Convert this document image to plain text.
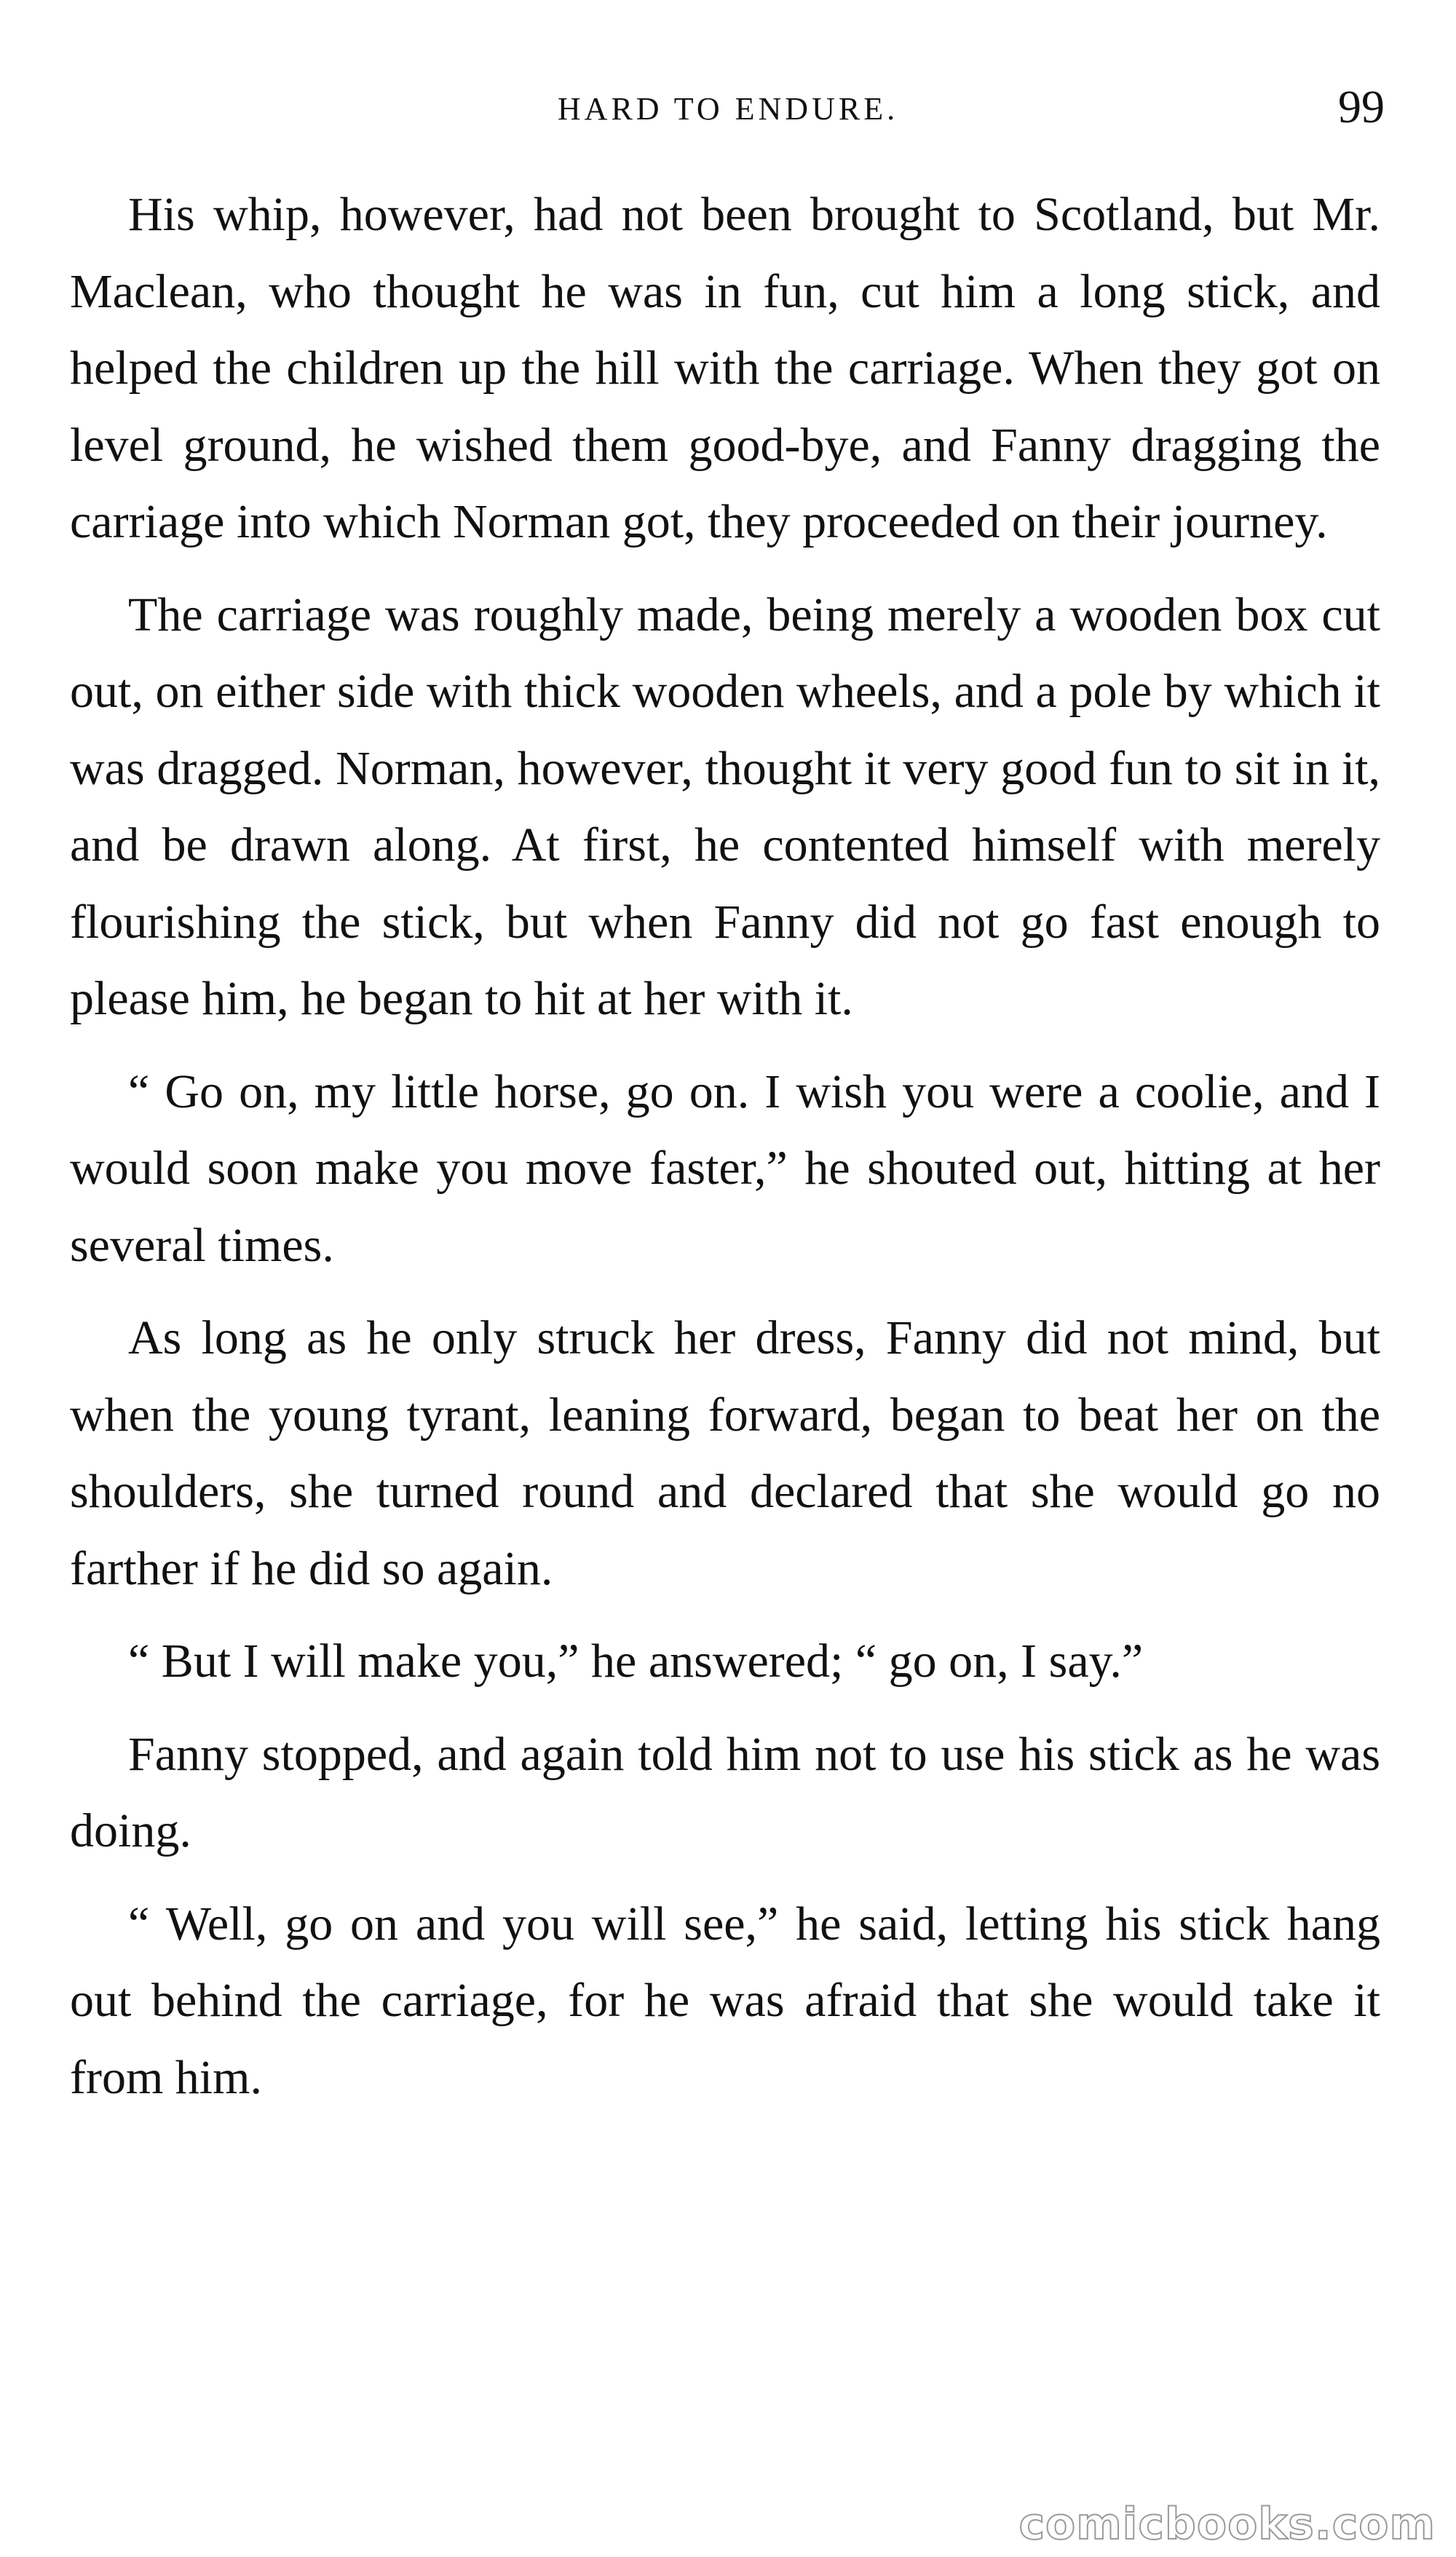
HARD TO ENDURE.	99

His whip, however, had not been brought to Scotland, but Mr. Maclean, who thought he was in fun, cut him a long stick, and helped the children up the hill with the carriage. When they got on level ground, he wished them good-bye, and Fanny dragging the carriage into which Norman got, they proceeded on their journey.

The carriage was roughly made, being merely a wooden box cut out, on either side with thick wooden wheels, and a pole by which it was dragged. Norman, however, thought it very good fun to sit in it, and be drawn along. At first, he contented himself with merely flourishing the stick, but when Fanny did not go fast enough to please him, he began to hit at her with it.

“ Go on, my little horse, go on. I wish you were a coolie, and I would soon make you move faster,” he shouted out, hitting at her several times.

As long as he only struck her dress, Fanny did not mind, but when the young tyrant, leaning forward, began to beat her on the shoulders, she turned round and declared that she would go no farther if he did so again.

“ But I will make you,” he answered; “ go on, I say.”

Fanny stopped, and again told him not to use his stick as he was doing.

“ Well, go on and you will see,” he said, letting his stick hang out behind the carriage, for he was afraid that she would take it from him.

comicbooks.com
